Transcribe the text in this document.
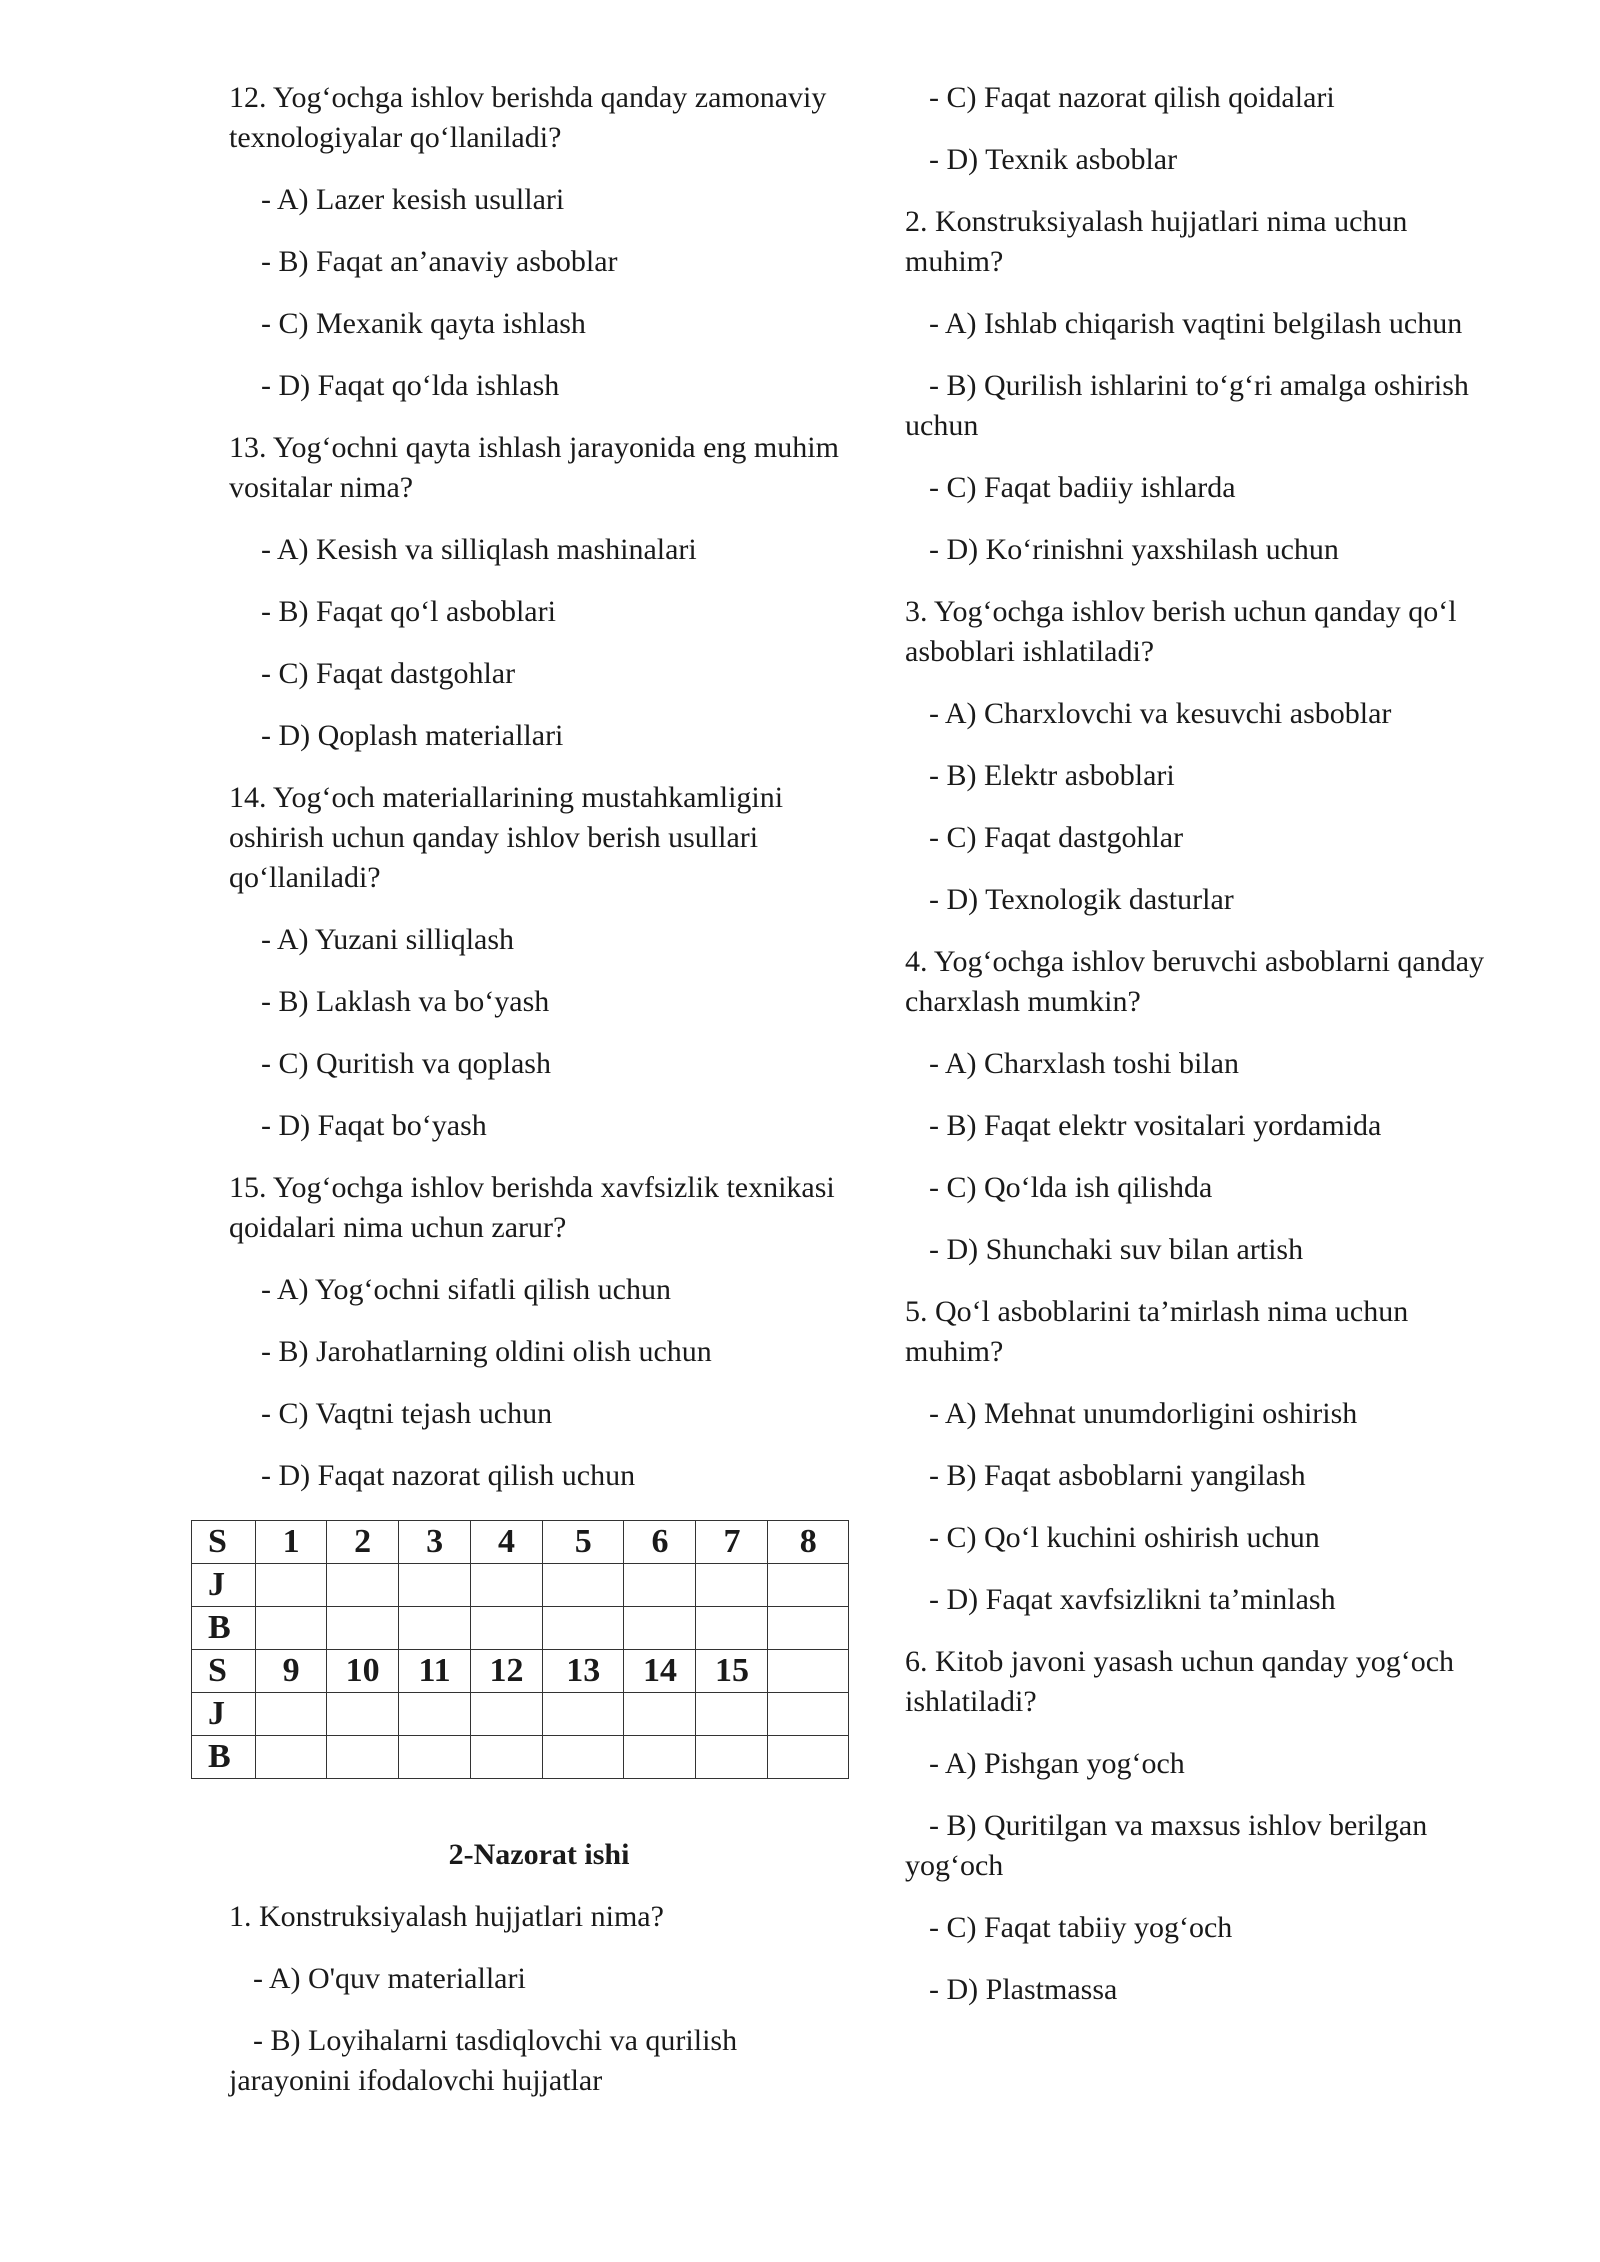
12. Yog‘ochga ishlov berishda qanday zamonaviy texnologiyalar qo‘llaniladi?
- A) Lazer kesish usullari
- B) Faqat an’anaviy asboblar
- C) Mexanik qayta ishlash
- D) Faqat qo‘lda ishlash
13. Yog‘ochni qayta ishlash jarayonida eng muhim vositalar nima?
- A) Kesish va silliqlash mashinalari
- B) Faqat qo‘l asboblari
- C) Faqat dastgohlar
- D) Qoplash materiallari
14. Yog‘och materiallarining mustahkamligini oshirish uchun qanday ishlov berish usullari qo‘llaniladi?
- A) Yuzani silliqlash
- B) Laklash va bo‘yash
- C) Quritish va qoplash
- D) Faqat bo‘yash
15. Yog‘ochga ishlov berishda xavfsizlik texnikasi qoidalari nima uchun zarur?
- A) Yog‘ochni sifatli qilish uchun
- B) Jarohatlarning oldini olish uchun
- C) Vaqtni tejash uchun
- D) Faqat nazorat qilish uchun
S	1	2	3	4	5	6	7	8
J								
B								
S	9	10	11	12	13	14	15	
J								
B								
2-Nazorat ishi
1. Konstruksiyalash hujjatlari nima?
- A) O'quv materiallari
- B) Loyihalarni tasdiqlovchi va qurilish jarayonini ifodalovchi hujjatlar
- C) Faqat nazorat qilish qoidalari
- D) Texnik asboblar
2. Konstruksiyalash hujjatlari nima uchun muhim?
- A) Ishlab chiqarish vaqtini belgilash uchun
- B) Qurilish ishlarini to‘g‘ri amalga oshirish uchun
- C) Faqat badiiy ishlarda
- D) Ko‘rinishni yaxshilash uchun
3. Yog‘ochga ishlov berish uchun qanday qo‘l asboblari ishlatiladi?
- A) Charxlovchi va kesuvchi asboblar
- B) Elektr asboblari
- C) Faqat dastgohlar
- D) Texnologik dasturlar
4. Yog‘ochga ishlov beruvchi asboblarni qanday charxlash mumkin?
- A) Charxlash toshi bilan
- B) Faqat elektr vositalari yordamida
- C) Qo‘lda ish qilishda
- D) Shunchaki suv bilan artish
5. Qo‘l asboblarini ta’mirlash nima uchun muhim?
- A) Mehnat unumdorligini oshirish
- B) Faqat asboblarni yangilash
- C) Qo‘l kuchini oshirish uchun
- D) Faqat xavfsizlikni ta’minlash
6. Kitob javoni yasash uchun qanday yog‘och ishlatiladi?
- A) Pishgan yog‘och
- B) Quritilgan va maxsus ishlov berilgan yog‘och
- C) Faqat tabiiy yog‘och
- D) Plastmassa
